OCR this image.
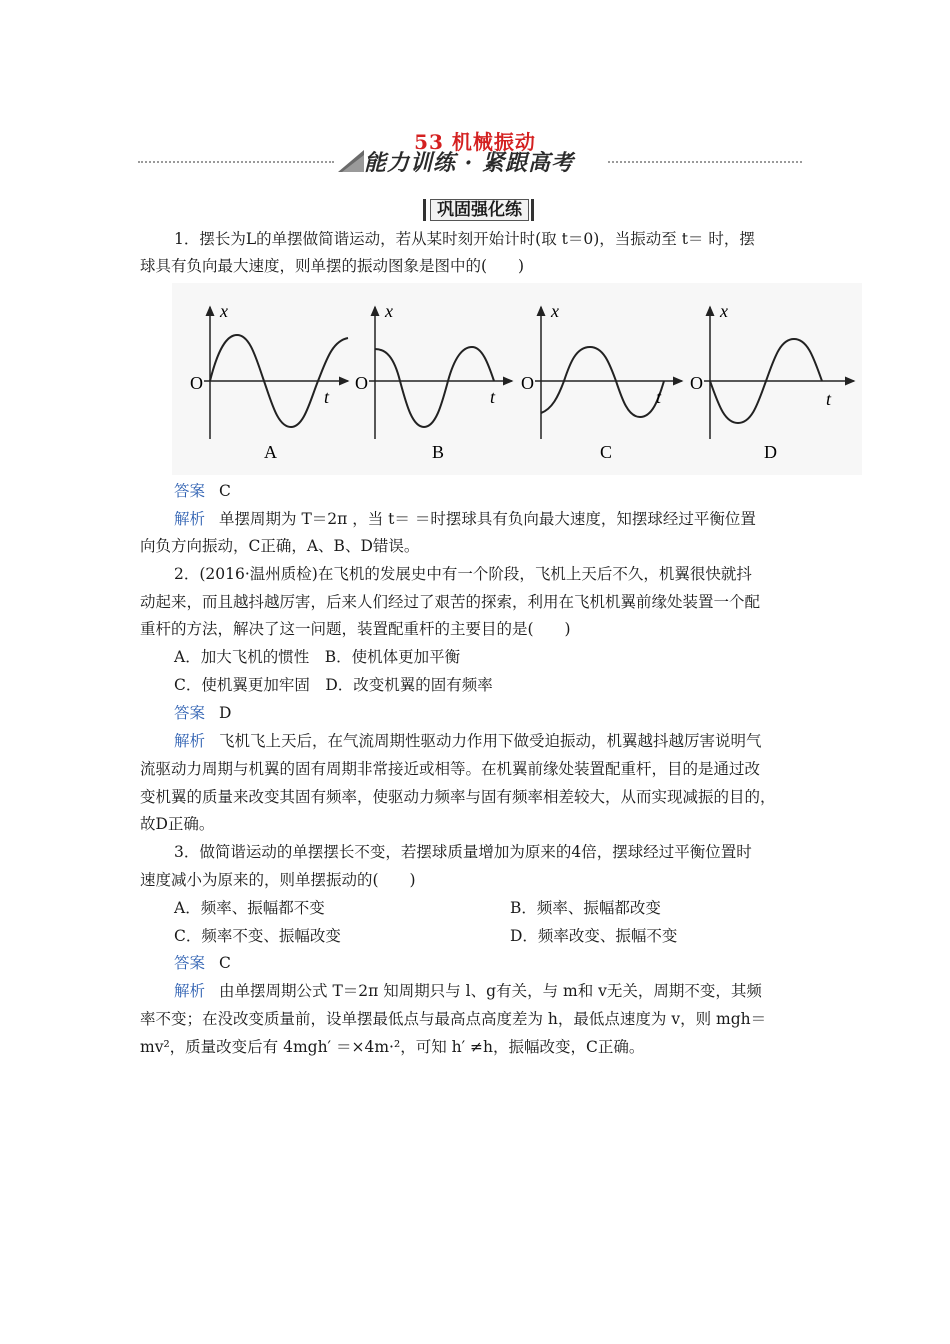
53 机械振动
能力训练 · 紧跟高考
巩固强化练
1．摆长为L的单摆做简谐运动，若从某时刻开始计时(取 t＝0)，当振动至 t＝ 时，摆
球具有负向最大速度，则单摆的振动图象是图中的(　　)
x
O
t
A
x
O
t
B
x
O
t
C
x
O
t
D
答案 C
解析 单摆周期为 T＝2π ，当 t＝ ＝时摆球具有负向最大速度，知摆球经过平衡位置
向负方向振动，C正确，A、B、D错误。
2．(2016·温州质检)在飞机的发展史中有一个阶段，飞机上天后不久，机翼很快就抖
动起来，而且越抖越厉害，后来人们经过了艰苦的探索，利用在飞机机翼前缘处装置一个配
重杆的方法，解决了这一问题，装置配重杆的主要目的是(　　)
A．加大飞机的惯性　B．使机体更加平衡
C．使机翼更加牢固　D．改变机翼的固有频率
答案 D
解析 飞机飞上天后，在气流周期性驱动力作用下做受迫振动，机翼越抖越厉害说明气
流驱动力周期与机翼的固有周期非常接近或相等。在机翼前缘处装置配重杆，目的是通过改
变机翼的质量来改变其固有频率，使驱动力频率与固有频率相差较大，从而实现减振的目的，
故D正确。
3．做简谐运动的单摆摆长不变，若摆球质量增加为原来的4倍，摆球经过平衡位置时
速度减小为原来的，则单摆振动的(　　)
A．频率、振幅都不变	B．频率、振幅都改变
C．频率不变、振幅改变	D．频率改变、振幅不变
答案 C
解析 由单摆周期公式 T＝2π 知周期只与 l、g有关，与 m和 v无关，周期不变，其频
率不变；在没改变质量前，设单摆最低点与最高点高度差为 h，最低点速度为 v，则 mgh＝
mv²，质量改变后有 4mgh′ ＝×4m·²，可知 h′ ≠h，振幅改变，C正确。
